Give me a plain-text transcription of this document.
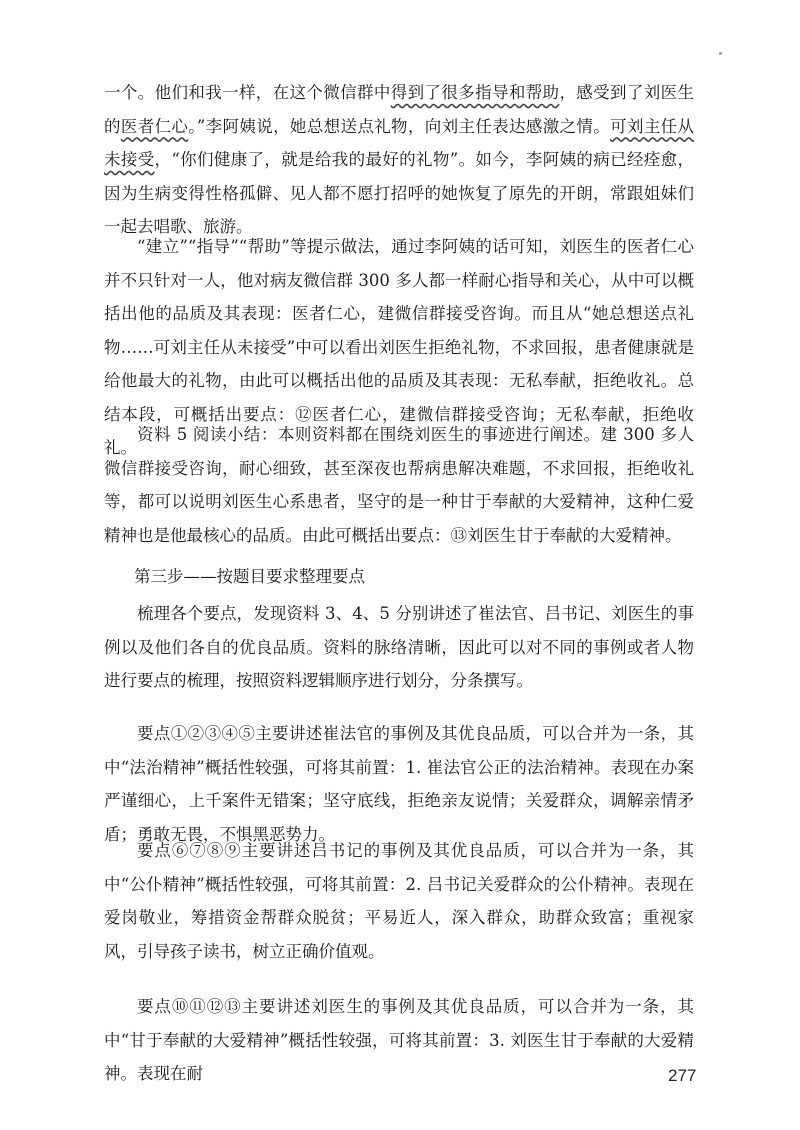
一个。他们和我一样，在这个微信群中得到了很多指导和帮助，感受到了刘医生的医者仁心。”李阿姨说，她总想送点礼物，向刘主任表达感激之情。可刘主任从未接受，“你们健康了，就是给我的最好的礼物”。如今，李阿姨的病已经痊愈，因为生病变得性格孤僻、见人都不愿打招呼的她恢复了原先的开朗，常跟姐妹们一起去唱歌、旅游。

“建立”“指导”“帮助”等提示做法，通过李阿姨的话可知，刘医生的医者仁心并不只针对一人，他对病友微信群 300 多人都一样耐心指导和关心，从中可以概括出他的品质及其表现：医者仁心，建微信群接受咨询。而且从“她总想送点礼物……可刘主任从未接受”中可以看出刘医生拒绝礼物，不求回报，患者健康就是给他最大的礼物，由此可以概括出他的品质及其表现：无私奉献，拒绝收礼。总结本段，可概括出要点：⑫医者仁心，建微信群接受咨询；无私奉献，拒绝收礼。

资料 5 阅读小结：本则资料都在围绕刘医生的事迹进行阐述。建 300 多人微信群接受咨询，耐心细致，甚至深夜也帮病患解决难题，不求回报，拒绝收礼等，都可以说明刘医生心系患者，坚守的是一种甘于奉献的大爱精神，这种仁爱精神也是他最核心的品质。由此可概括出要点：⑬刘医生甘于奉献的大爱精神。

第三步——按题目要求整理要点

梳理各个要点，发现资料 3、4、5 分别讲述了崔法官、吕书记、刘医生的事例以及他们各自的优良品质。资料的脉络清晰，因此可以对不同的事例或者人物进行要点的梳理，按照资料逻辑顺序进行划分，分条撰写。

要点①②③④⑤主要讲述崔法官的事例及其优良品质，可以合并为一条，其中“法治精神”概括性较强，可将其前置：1. 崔法官公正的法治精神。表现在办案严谨细心，上千案件无错案；坚守底线，拒绝亲友说情；关爱群众，调解亲情矛盾；勇敢无畏，不惧黑恶势力。

要点⑥⑦⑧⑨主要讲述吕书记的事例及其优良品质，可以合并为一条，其中“公仆精神”概括性较强，可将其前置：2. 吕书记关爱群众的公仆精神。表现在爱岗敬业，筹措资金帮群众脱贫；平易近人，深入群众，助群众致富；重视家风，引导孩子读书，树立正确价值观。

要点⑩⑪⑫⑬主要讲述刘医生的事例及其优良品质，可以合并为一条，其中“甘于奉献的大爱精神”概括性较强，可将其前置：3. 刘医生甘于奉献的大爱精神。表现在耐	277
